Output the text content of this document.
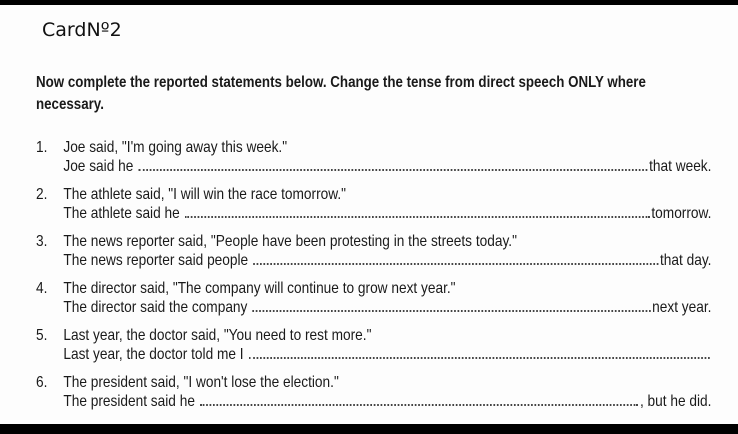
CardNº2
Now complete the reported statements below. Change the tense from direct speech ONLY where necessary.
1. Joe said, "I'm going away this week."
Joe said he	that week.
2. The athlete said, "I will win the race tomorrow."
The athlete said he	tomorrow.
3. The news reporter said, "People have been protesting in the streets today."
The news reporter said people	that day.
4. The director said, "The company will continue to grow next year."
The director said the company	next year.
5. Last year, the doctor said, "You need to rest more."
Last year, the doctor told me I
6. The president said, "I won't lose the election."
The president said he	, but he did.
